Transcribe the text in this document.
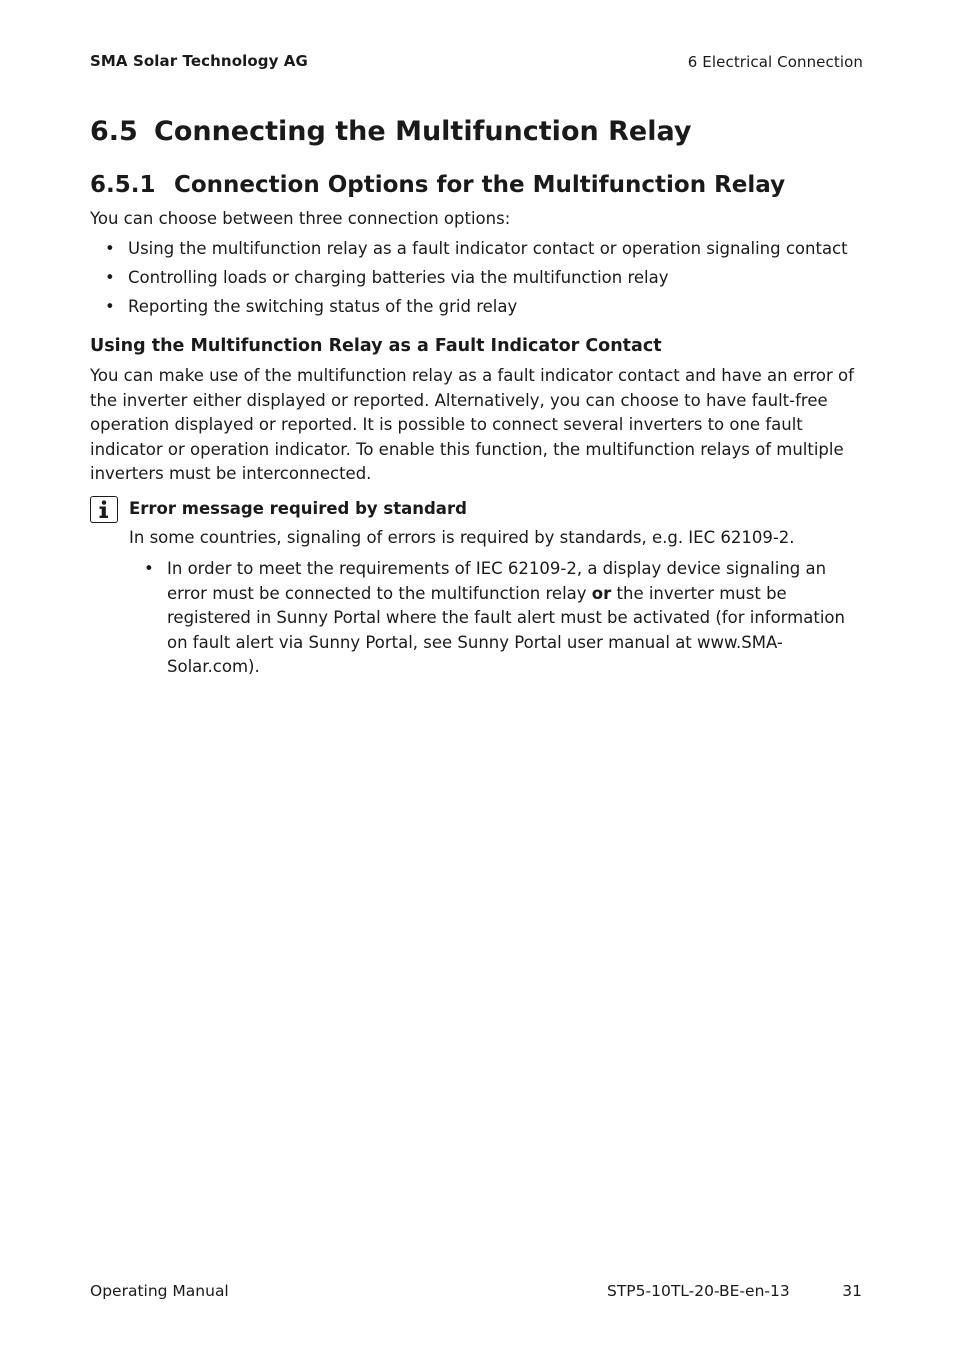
SMA Solar Technology AG	6 Electrical Connection
6.5 Connecting the Multifunction Relay
6.5.1 Connection Options for the Multifunction Relay

You can choose between three connection options:

• Using the multifunction relay as a fault indicator contact or operation signaling contact
• Controlling loads or charging batteries via the multifunction relay
• Reporting the switching status of the grid relay
Using the Multifunction Relay as a Fault Indicator Contact

You can make use of the multifunction relay as a fault indicator contact and have an error of the inverter either displayed or reported. Alternatively, you can choose to have fault-free operation displayed or reported. It is possible to connect several inverters to one fault indicator or operation indicator. To enable this function, the multifunction relays of multiple inverters must be interconnected.

Error message required by standard
In some countries, signaling of errors is required by standards, e.g. IEC 62109-2.
• In order to meet the requirements of IEC 62109-2, a display device signaling an error must be connected to the multifunction relay or the inverter must be registered in Sunny Portal where the fault alert must be activated (for information on fault alert via Sunny Portal, see Sunny Portal user manual at www.SMA-Solar.com).
Operating Manual	STP5-10TL-20-BE-en-13	31
